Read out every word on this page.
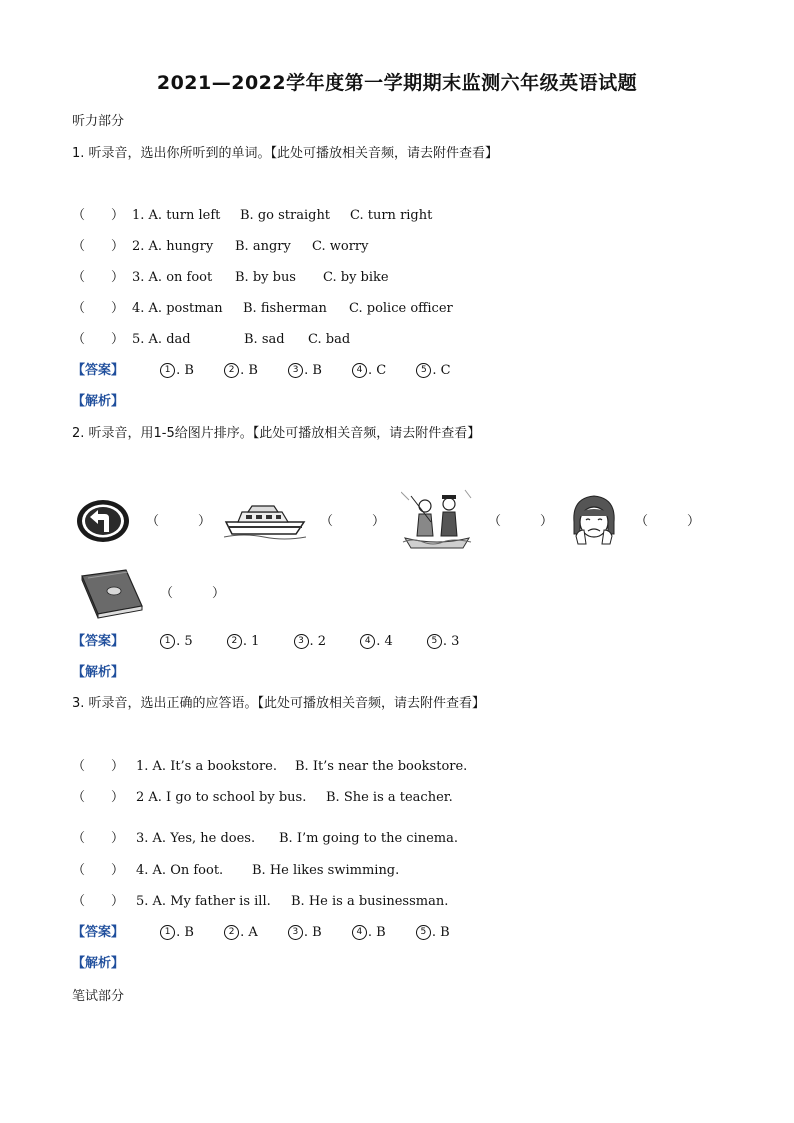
2021—2022学年度第一学期期末监测六年级英语试题
听力部分
1. 听录音，选出你所听到的单词。【此处可播放相关音频，请去附件查看】
（　　） 1. A. turn left B. go straight C. turn right
（　　） 2. A. hungry B. angry C. worry
（　　） 3. A. on foot B. by bus C. by bike
（　　） 4. A. postman B. fisherman C. police officer
（　　） 5. A. dad	B. sad C. bad
【答案】	1 . B	2 . B	3 . B	4 . C	5 . C
【解析】
2. 听录音，用1-5给图片排序。【此处可播放相关音频，请去附件查看】
（　　　）	（　　　）	（　　　）	（　　　）
（　　　）
【答案】	1 . 5	2 . 1	3 . 2	4 . 4	5 . 3
【解析】
3. 听录音，选出正确的应答语。【此处可播放相关音频，请去附件查看】
（　　） 1. A. It’s a bookstore. B. It’s near the bookstore.
（　　） 2 A. I go to school by bus. B. She is a teacher.
（　　） 3. A. Yes, he does. B. I’m going to the cinema.
（　　） 4. A. On foot. B. He likes swimming.
（　　） 5. A. My father is ill. B. He is a businessman.
【答案】	1 . B	2 . A	3 . B	4 . B	5 . B
【解析】
笔试部分
